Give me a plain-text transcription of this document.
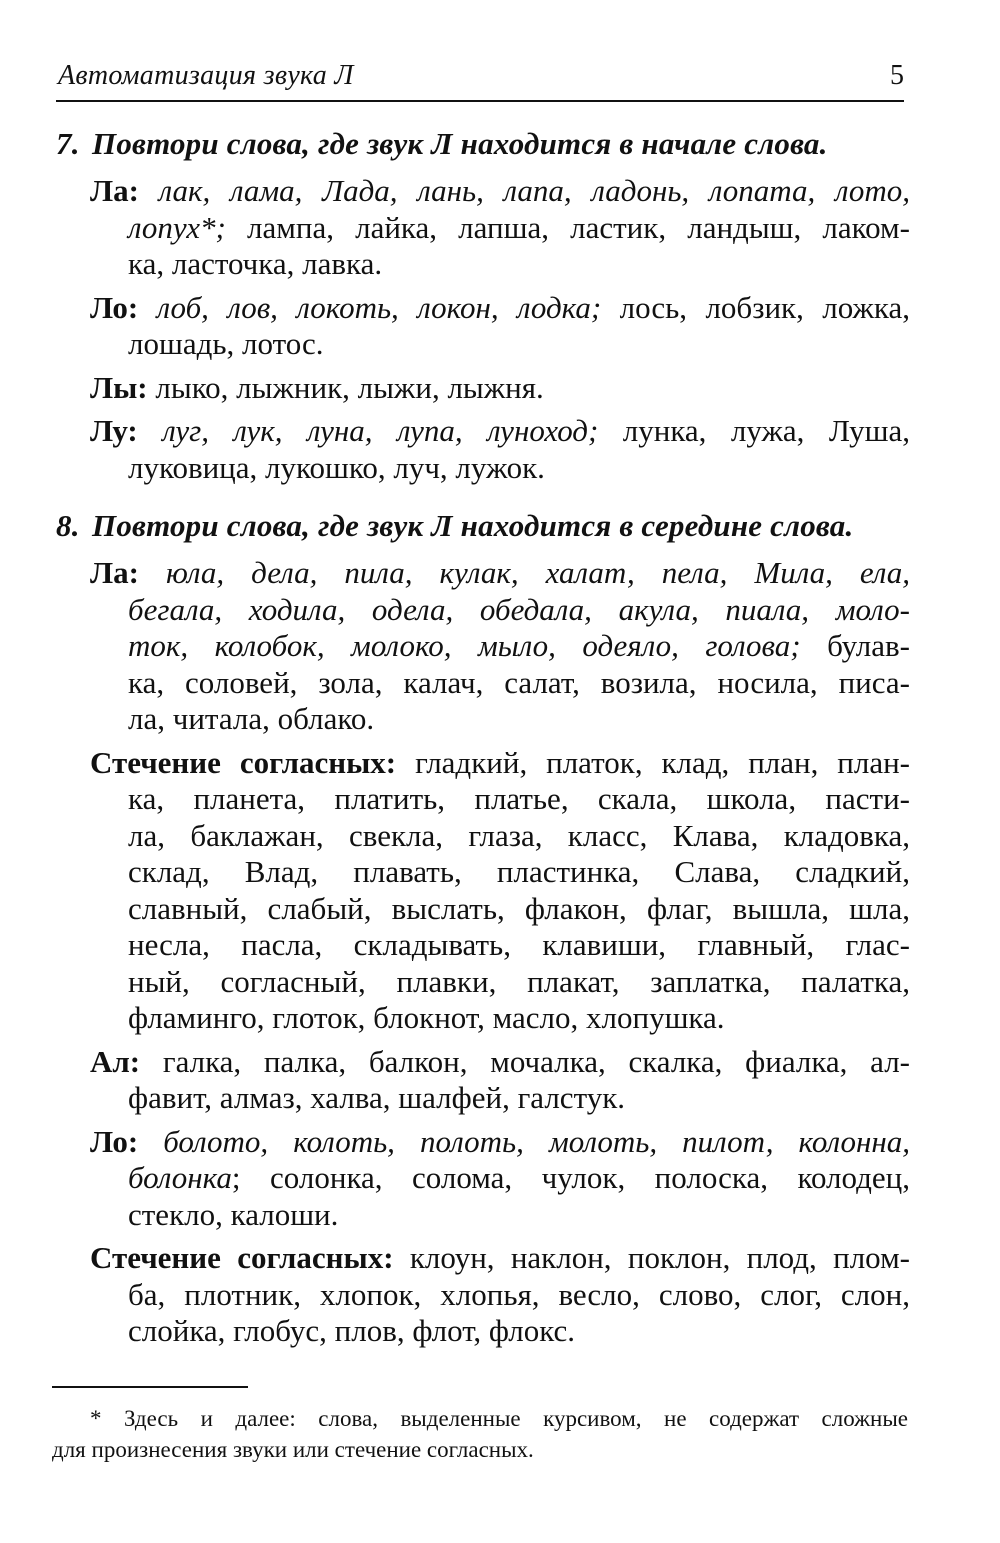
Автоматизация звука Л	5
7. Повтори слова, где звук Л находится в начале слова.
Ла: лак, лама, Лада, лань, лапа, ладонь, лопата, лото,
лопух*; лампа, лайка, лапша, ластик, ландыш, лаком-
ка, ласточка, лавка.
Ло: лоб, лов, локоть, локон, лодка; лось, лобзик, ложка,
лошадь, лотос.
Лы: лыко, лыжник, лыжи, лыжня.
Лу: луг, лук, луна, лупа, луноход; лунка, лужа, Луша,
луковица, лукошко, луч, лужок.
8. Повтори слова, где звук Л находится в середине слова.
Ла: юла, дела, пила, кулак, халат, пела, Мила, ела,
бегала, ходила, одела, обедала, акула, пиала, моло-
ток, колобок, молоко, мыло, одеяло, голова; булав-
ка, соловей, зола, калач, салат, возила, носила, писа-
ла, читала, облако.
Стечение согласных: гладкий, платок, клад, план, план-
ка, планета, платить, платье, скала, школа, пасти-
ла, баклажан, свекла, глаза, класс, Клава, кладовка,
склад, Влад, плавать, пластинка, Слава, сладкий,
славный, слабый, выслать, флакон, флаг, вышла, шла,
несла, пасла, складывать, клавиши, главный, глас-
ный, согласный, плавки, плакат, заплатка, палатка,
фламинго, глоток, блокнот, масло, хлопушка.
Ал: галка, палка, балкон, мочалка, скалка, фиалка, ал-
фавит, алмаз, халва, шалфей, галстук.
Ло: болото, колоть, полоть, молоть, пилот, колонна,
болонка; солонка, солома, чулок, полоска, колодец,
стекло, калоши.
Стечение согласных: клоун, наклон, поклон, плод, плом-
ба, плотник, хлопок, хлопья, весло, слово, слог, слон,
слойка, глобус, плов, флот, флокс.
* Здесь и далее: слова, выделенные курсивом, не содержат сложные
для произнесения звуки или стечение согласных.
